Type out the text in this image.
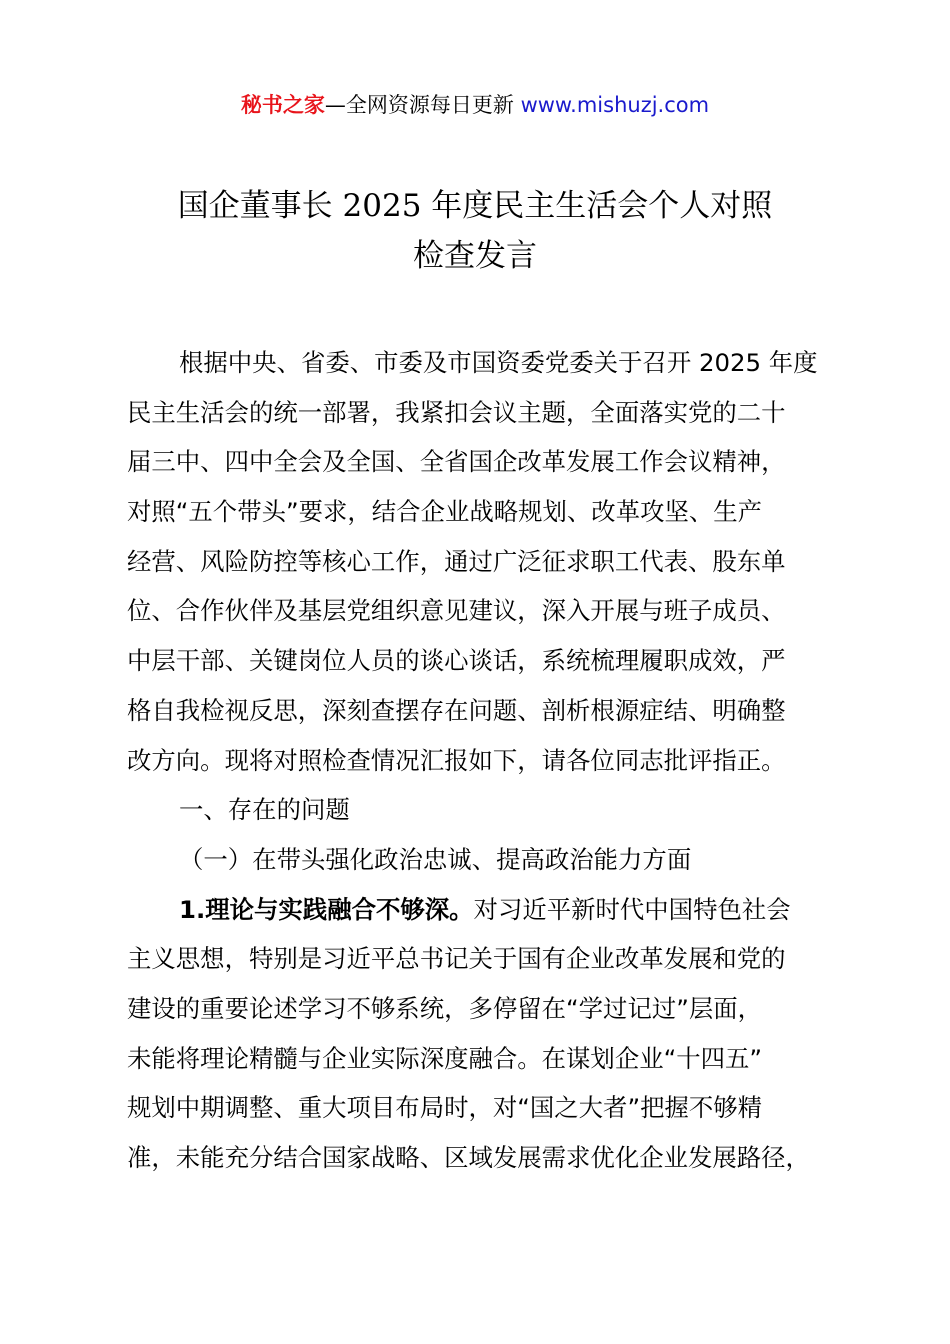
秘书之家—全网资源每日更新 www.mishuzj.com
国企董事长 2025 年度民主生活会个人对照
检查发言
根据中央、省委、市委及市国资委党委关于召开 2025 年度
民主生活会的统一部署，我紧扣会议主题，全面落实党的二十
届三中、四中全会及全国、全省国企改革发展工作会议精神，
对照“五个带头”要求，结合企业战略规划、改革攻坚、生产
经营、风险防控等核心工作，通过广泛征求职工代表、股东单
位、合作伙伴及基层党组织意见建议，深入开展与班子成员、
中层干部、关键岗位人员的谈心谈话，系统梳理履职成效，严
格自我检视反思，深刻查摆存在问题、剖析根源症结、明确整
改方向。现将对照检查情况汇报如下，请各位同志批评指正。
一、存在的问题
（一）在带头强化政治忠诚、提高政治能力方面
1.理论与实践融合不够深。对习近平新时代中国特色社会
主义思想，特别是习近平总书记关于国有企业改革发展和党的
建设的重要论述学习不够系统，多停留在“学过记过”层面，
未能将理论精髓与企业实际深度融合。在谋划企业“十四五”
规划中期调整、重大项目布局时，对“国之大者”把握不够精
准，未能充分结合国家战略、区域发展需求优化企业发展路径，
